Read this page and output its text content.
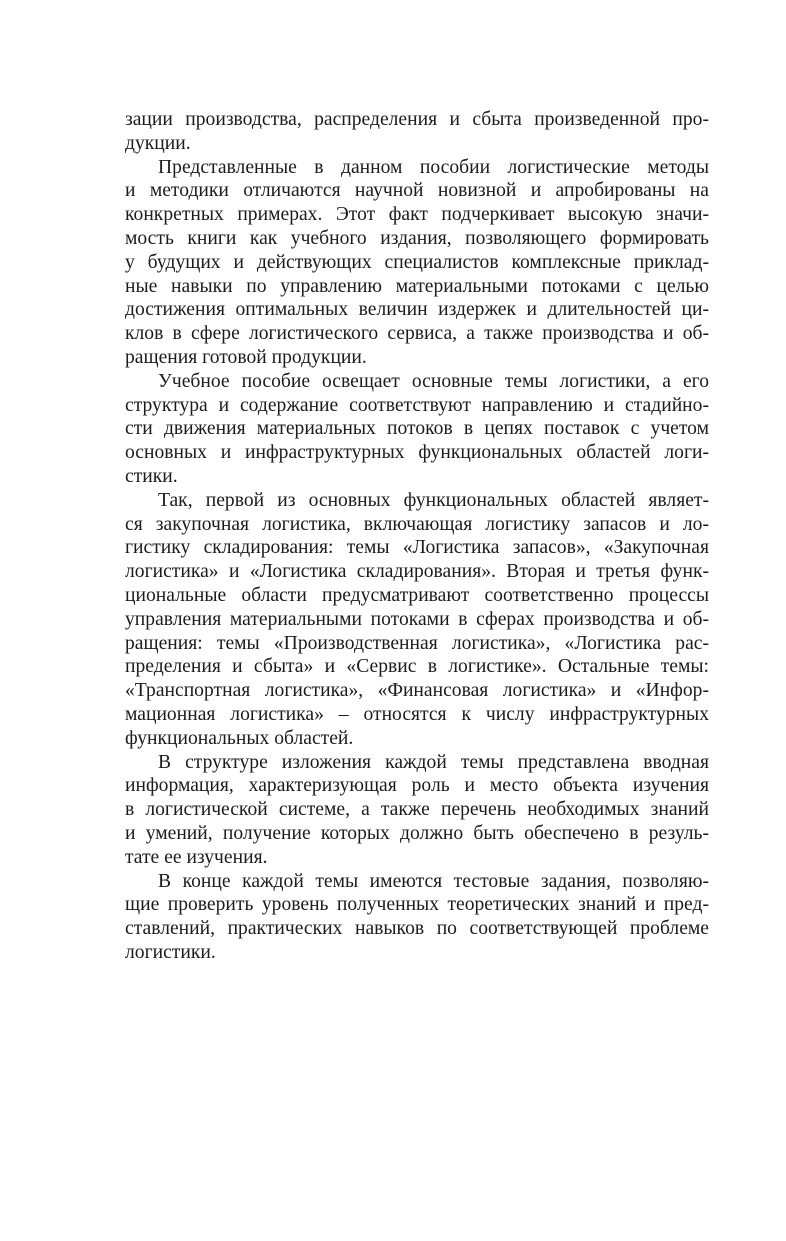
зации производства, распределения и сбыта произведенной про-
дукции.
Представленные в данном пособии логистические методы
и методики отличаются научной новизной и апробированы на
конкретных примерах. Этот факт подчеркивает высокую значи-
мость книги как учебного издания, позволяющего формировать
у будущих и действующих специалистов комплексные приклад-
ные навыки по управлению материальными потоками с целью
достижения оптимальных величин издержек и длительностей ци-
клов в сфере логистического сервиса, а также производства и об-
ращения готовой продукции.
Учебное пособие освещает основные темы логистики, а его
структура и содержание соответствуют направлению и стадийно-
сти движения материальных потоков в цепях поставок с учетом
основных и инфраструктурных функциональных областей логи-
стики.
Так, первой из основных функциональных областей являет-
ся закупочная логистика, включающая логистику запасов и ло-
гистику складирования: темы «Логистика запасов», «Закупочная
логистика» и «Логистика складирования». Вторая и третья функ-
циональные области предусматривают соответственно процессы
управления материальными потоками в сферах производства и об-
ращения: темы «Производственная логистика», «Логистика рас-
пределения и сбыта» и «Сервис в логистике». Остальные темы:
«Транспортная логистика», «Финансовая логистика» и «Инфор-
мационная логистика» – относятся к числу инфраструктурных
функциональных областей.
В структуре изложения каждой темы представлена вводная
информация, характеризующая роль и место объекта изучения
в логистической системе, а также перечень необходимых знаний
и умений, получение которых должно быть обеспечено в резуль-
тате ее изучения.
В конце каждой темы имеются тестовые задания, позволяю-
щие проверить уровень полученных теоретических знаний и пред-
ставлений, практических навыков по соответствующей проблеме
логистики.
